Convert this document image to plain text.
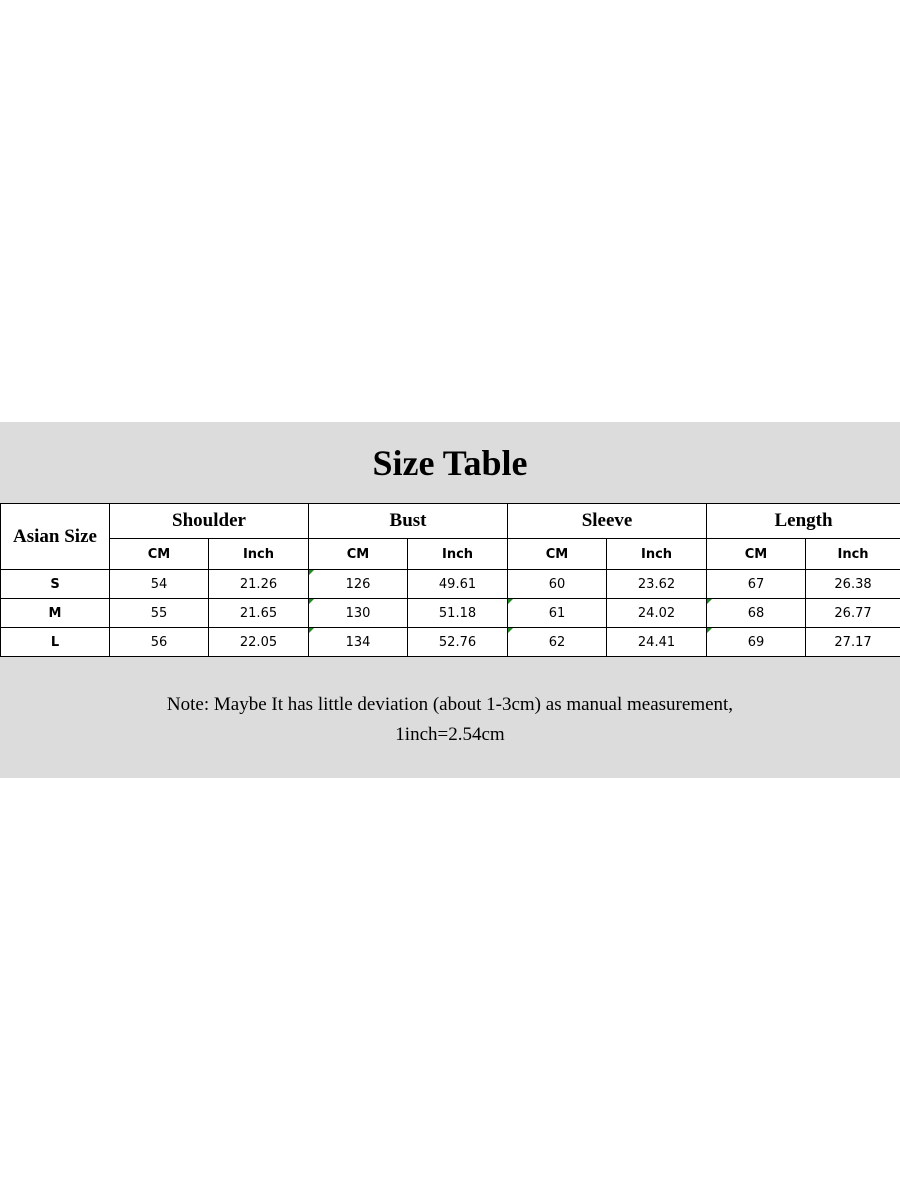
Size Table
Asian Size	Shoulder		Bust		Sleeve		Length	
	CM	Inch	CM	Inch	CM	Inch	CM	Inch
S	54	21.26	126	49.61	60	23.62	67	26.38
M	55	21.65	130	51.18	61	24.02	68	26.77
L	56	22.05	134	52.76	62	24.41	69	27.17
Note: Maybe It has little deviation (about 1-3cm) as manual measurement,
1inch=2.54cm
